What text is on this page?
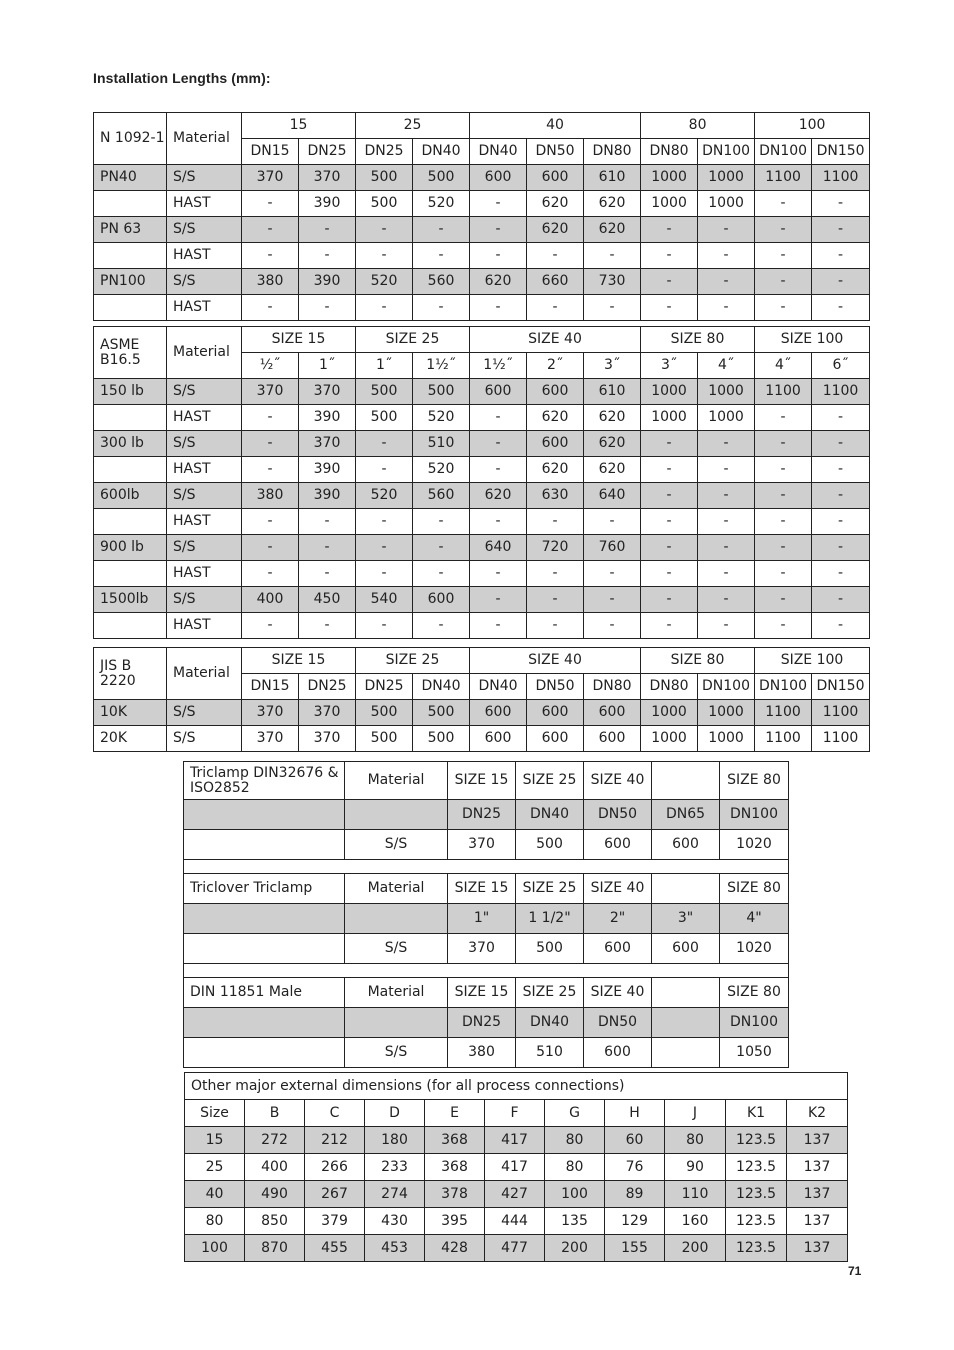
Installation Lengths (mm):
N 1092-1	Material	15		25		40			80		100	
		DN15	DN25	DN25	DN40	DN40	DN50	DN80	DN80	DN100	DN100	DN150
PN40	S/S	370	370	500	500	600	600	610	1000	1000	1100	1100
	HAST	-	390	500	520	-	620	620	1000	1000	-	-
PN 63	S/S	-	-	-	-	-	620	620	-	-	-	-
	HAST	-	-	-	-	-	-	-	-	-	-	-
PN100	S/S	380	390	520	560	620	660	730	-	-	-	-
	HAST	-	-	-	-	-	-	-	-	-	-	-
ASME B16.5	Material	SIZE 15		SIZE 25		SIZE 40			SIZE 80		SIZE 100	
		½˝	1˝	1˝	1½˝	1½˝	2˝	3˝	3˝	4˝	4˝	6˝
150 lb	S/S	370	370	500	500	600	600	610	1000	1000	1100	1100
	HAST	-	390	500	520	-	620	620	1000	1000	-	-
300 lb	S/S	-	370	-	510	-	600	620	-	-	-	-
	HAST	-	390	-	520	-	620	620	-	-	-	-
600lb	S/S	380	390	520	560	620	630	640	-	-	-	-
	HAST	-	-	-	-	-	-	-	-	-	-	-
900 lb	S/S	-	-	-	-	640	720	760	-	-	-	-
	HAST	-	-	-	-	-	-	-	-	-	-	-
1500lb	S/S	400	450	540	600	-	-	-	-	-	-	-
	HAST	-	-	-	-	-	-	-	-	-	-	-
JIS B 2220	Material	SIZE 15		SIZE 25		SIZE 40			SIZE 80		SIZE 100	
		DN15	DN25	DN25	DN40	DN40	DN50	DN80	DN80	DN100	DN100	DN150
10K	S/S	370	370	500	500	600	600	600	1000	1000	1100	1100
20K	S/S	370	370	500	500	600	600	600	1000	1000	1100	1100
Triclamp DIN32676 & ISO2852	Material	SIZE 15	SIZE 25	SIZE 40		SIZE 80
		DN25	DN40	DN50	DN65	DN100
	S/S	370	500	600	600	1020

Triclover Triclamp	Material	SIZE 15	SIZE 25	SIZE 40		SIZE 80
		1"	1 1/2"	2"	3"	4"
	S/S	370	500	600	600	1020

DIN 11851 Male	Material	SIZE 15	SIZE 25	SIZE 40		SIZE 80
		DN25	DN40	DN50		DN100
	S/S	380	510	600		1050
Other major external dimensions (for all process connections)										
Size	B	C	D	E	F	G	H	J	K1	K2
15	272	212	180	368	417	80	60	80	123.5	137
25	400	266	233	368	417	80	76	90	123.5	137
40	490	267	274	378	427	100	89	110	123.5	137
80	850	379	430	395	444	135	129	160	123.5	137
100	870	455	453	428	477	200	155	200	123.5	137
71
